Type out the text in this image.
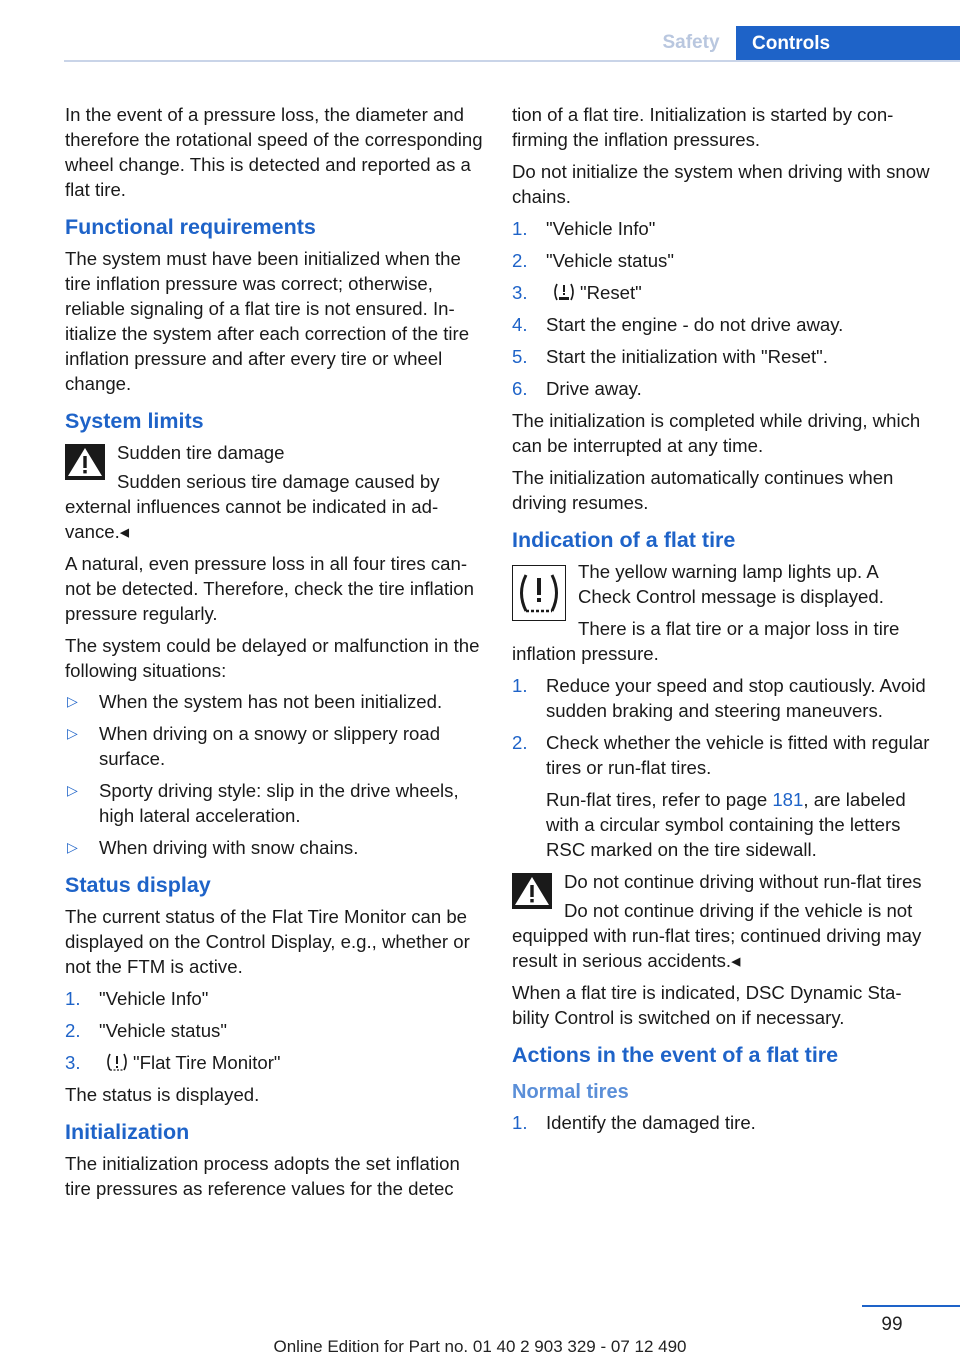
Safety	Controls

In the event of a pressure loss, the diameter and therefore the rotational speed of the corresponding wheel change. This is detected and reported as a flat tire.

Functional requirements

The system must have been initialized when the tire inflation pressure was correct; otherwise, reliable signaling of a flat tire is not ensured. Initialize the system after each correction of the tire inflation pressure and after every tire or wheel change.

System limits

Sudden tire damage

Sudden serious tire damage caused by external influences cannot be indicated in advance.◂

A natural, even pressure loss in all four tires cannot be detected. Therefore, check the tire inflation pressure regularly.

The system could be delayed or malfunction in the following situations:

▷ When the system has not been initialized.
▷ When driving on a snowy or slippery road surface.
▷ Sporty driving style: slip in the drive wheels, high lateral acceleration.
▷ When driving with snow chains.
Status display

The current status of the Flat Tire Monitor can be displayed on the Control Display, e.g., whether or not the FTM is active.

1. "Vehicle Info"
2. "Vehicle status"
3.	"Flat Tire Monitor"

The status is displayed.

Initialization

The initialization process adopts the set inflation tire pressures as reference values for the detec

tion of a flat tire. Initialization is started by confirming the inflation pressures.

Do not initialize the system when driving with snow chains.

1. "Vehicle Info"
2. "Vehicle status"
3.	"Reset"
4. Start the engine - do not drive away.
5. Start the initialization with "Reset".
6. Drive away.

The initialization is completed while driving, which can be interrupted at any time.

The initialization automatically continues when driving resumes.

Indication of a flat tire

The yellow warning lamp lights up. A Check Control message is displayed.

There is a flat tire or a major loss in tire inflation pressure.

1. Reduce your speed and stop cautiously. Avoid sudden braking and steering maneuvers.
2. Check whether the vehicle is fitted with regular tires or run-flat tires.
Run-flat tires, refer to page 181, are labeled with a circular symbol containing the letters RSC marked on the tire sidewall.

Do not continue driving without run-flat tires

Do not continue driving if the vehicle is not equipped with run-flat tires; continued driving may result in serious accidents.◂

When a flat tire is indicated, DSC Dynamic Stability Control is switched on if necessary.

Actions in the event of a flat tire
Normal tires
1. Identify the damaged tire.
99
Online Edition for Part no. 01 40 2 903 329 - 07 12 490
